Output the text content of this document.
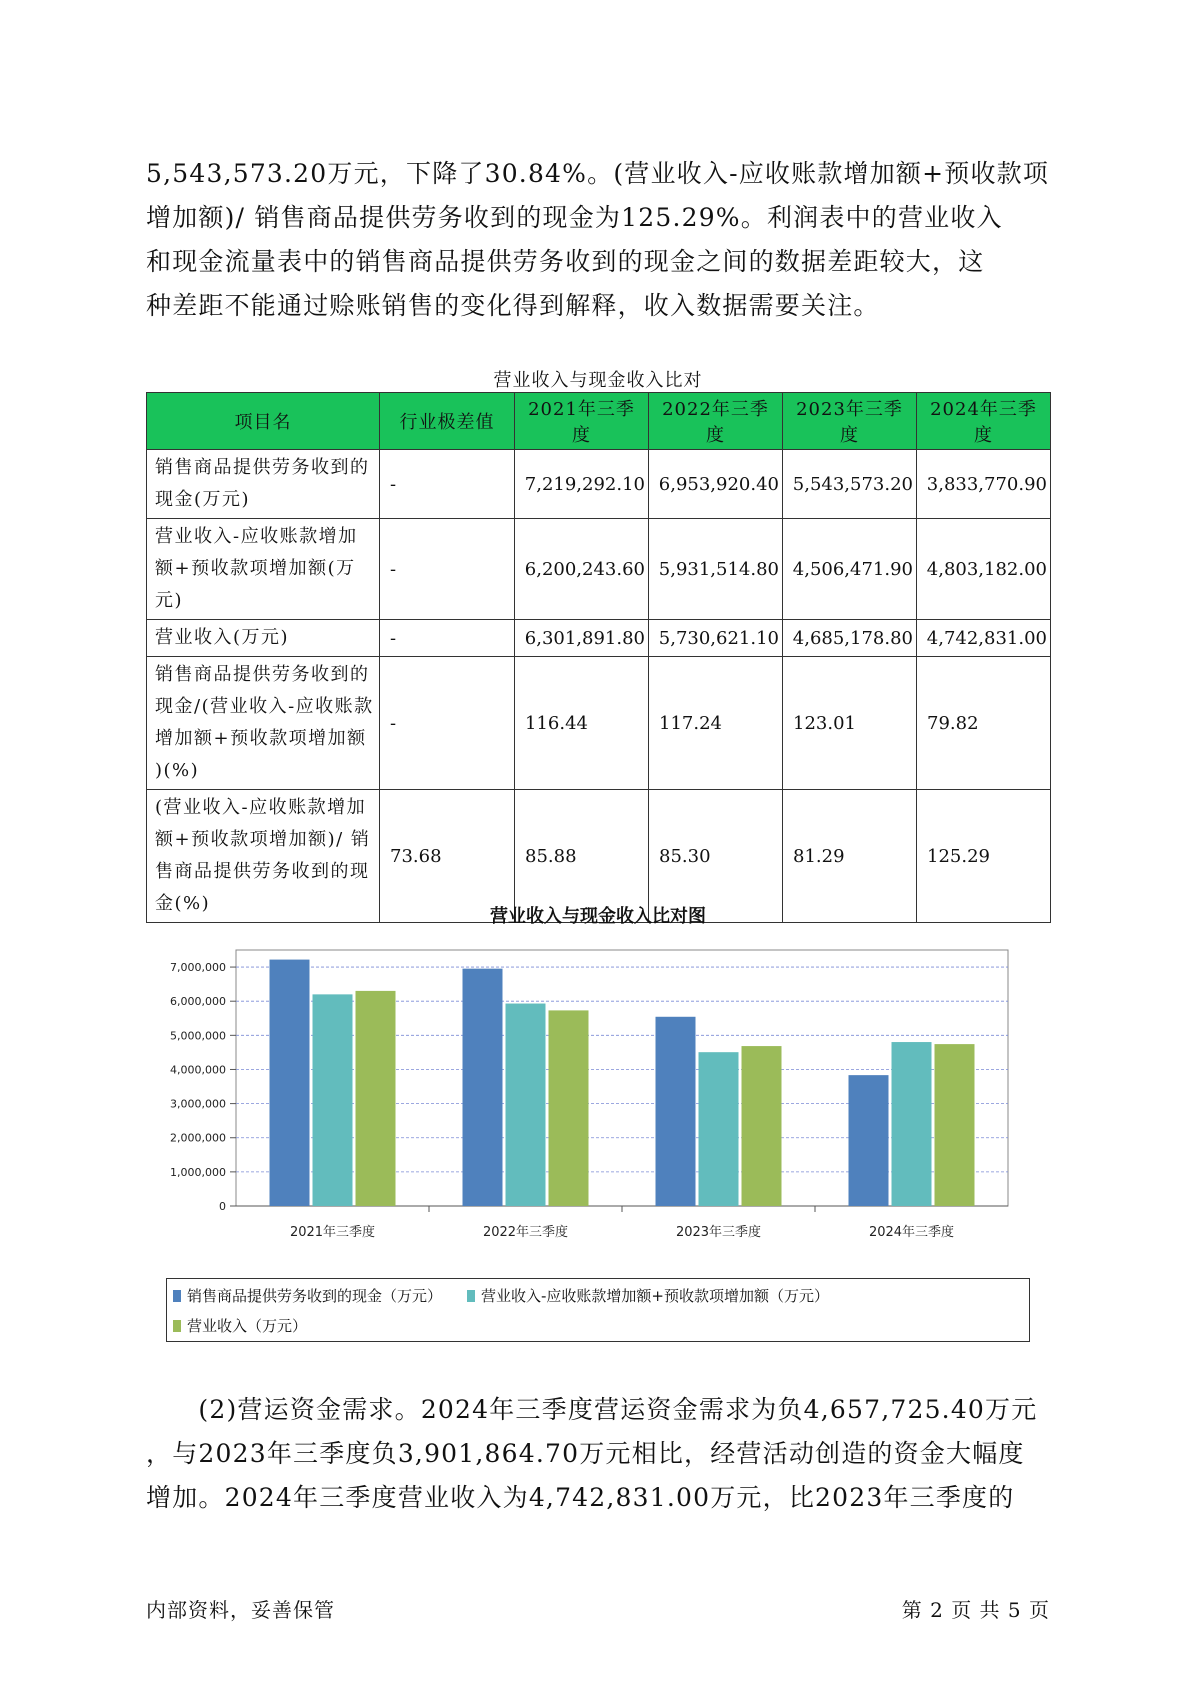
5,543,573.20万元，下降了30.84%。(营业收入-应收账款增加额+预收款项
增加额)/ 销售商品提供劳务收到的现金为125.29%。利润表中的营业收入
和现金流量表中的销售商品提供劳务收到的现金之间的数据差距较大，这
种差距不能通过赊账销售的变化得到解释，收入数据需要关注。
营业收入与现金收入比对
项目名	行业极差值	2021年三季度	2022年三季度	2023年三季度	2024年三季度

销售商品提供劳务收到的
现金(万元)	-	7,219,292.10	6,953,920.40	5,543,573.20	3,833,770.90

营业收入-应收账款增加
额+预收款项增加额(万元)	-	6,200,243.60	5,931,514.80	4,506,471.90	4,803,182.00

营业收入(万元)	-	6,301,891.80	5,730,621.10	4,685,178.80	4,742,831.00

销售商品提供劳务收到的
现金/(营业收入-应收账款
增加额+预收款项增加额
)(%)	-	116.44	117.24	123.01	79.82

(营业收入-应收账款增加
额+预收款项增加额)/ 销
售商品提供劳务收到的现
金(%)	73.68	85.88	85.30	81.29	125.29
营业收入与现金收入比对图
0
1,000,000
2,000,000
3,000,000
4,000,000
5,000,000
6,000,000
7,000,000
2021年三季度	2022年三季度	2023年三季度	2024年三季度
销售商品提供劳务收到的现金（万元）	营业收入-应收账款增加额+预收款项增加额（万元）
营业收入（万元）
　　(2)营运资金需求。2024年三季度营运资金需求为负4,657,725.40万元
，与2023年三季度负3,901,864.70万元相比，经营活动创造的资金大幅度
增加。2024年三季度营业收入为4,742,831.00万元，比2023年三季度的
内部资料，妥善保管	第 2 页 共 5 页
